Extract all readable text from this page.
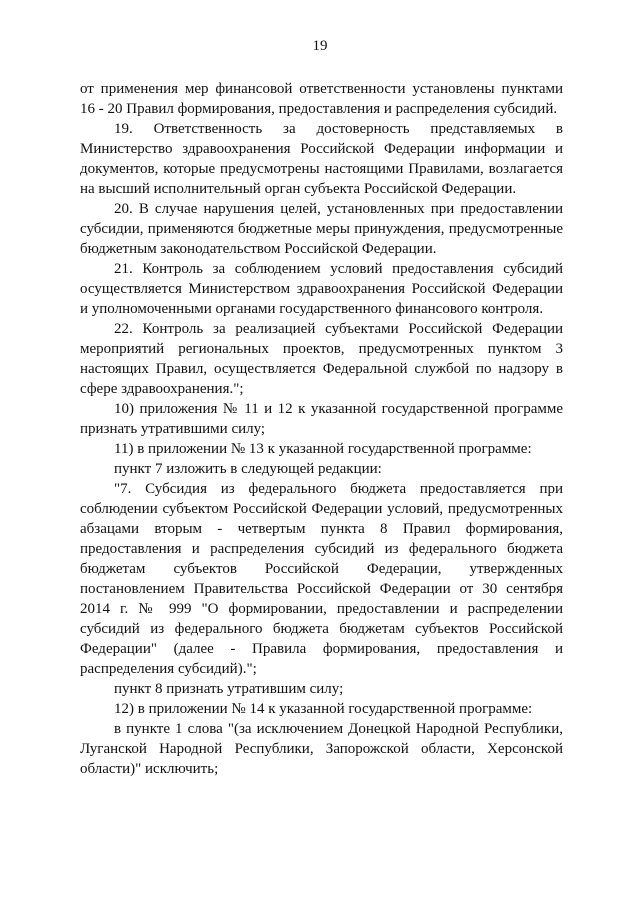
19

от применения мер финансовой ответственности установлены пунктами 16 - 20 Правил формирования, предоставления и распределения субсидий.

19. Ответственность за достоверность представляемых в Министерство здравоохранения Российской Федерации информации и документов, которые предусмотрены настоящими Правилами, возлагается на высший исполнительный орган субъекта Российской Федерации.

20. В случае нарушения целей, установленных при предоставлении субсидии, применяются бюджетные меры принуждения, предусмотренные бюджетным законодательством Российской Федерации.

21. Контроль за соблюдением условий предоставления субсидий осуществляется Министерством здравоохранения Российской Федерации и уполномоченными органами государственного финансового контроля.

22. Контроль за реализацией субъектами Российской Федерации мероприятий региональных проектов, предусмотренных пунктом 3 настоящих Правил, осуществляется Федеральной службой по надзору в сфере здравоохранения.";

10) приложения № 11 и 12 к указанной государственной программе признать утратившими силу;

11) в приложении № 13 к указанной государственной программе:

пункт 7 изложить в следующей редакции:

"7. Субсидия из федерального бюджета предоставляется при соблюдении субъектом Российской Федерации условий, предусмотренных абзацами вторым - четвертым пункта 8 Правил формирования, предоставления и распределения субсидий из федерального бюджета бюджетам субъектов Российской Федерации, утвержденных постановлением Правительства Российской Федерации от 30 сентября 2014 г. № 999 "О формировании, предоставлении и распределении субсидий из федерального бюджета бюджетам субъектов Российской Федерации" (далее - Правила формирования, предоставления и распределения субсидий).";

пункт 8 признать утратившим силу;

12) в приложении № 14 к указанной государственной программе:

в пункте 1 слова "(за исключением Донецкой Народной Республики, Луганской Народной Республики, Запорожской области, Херсонской области)" исключить;
